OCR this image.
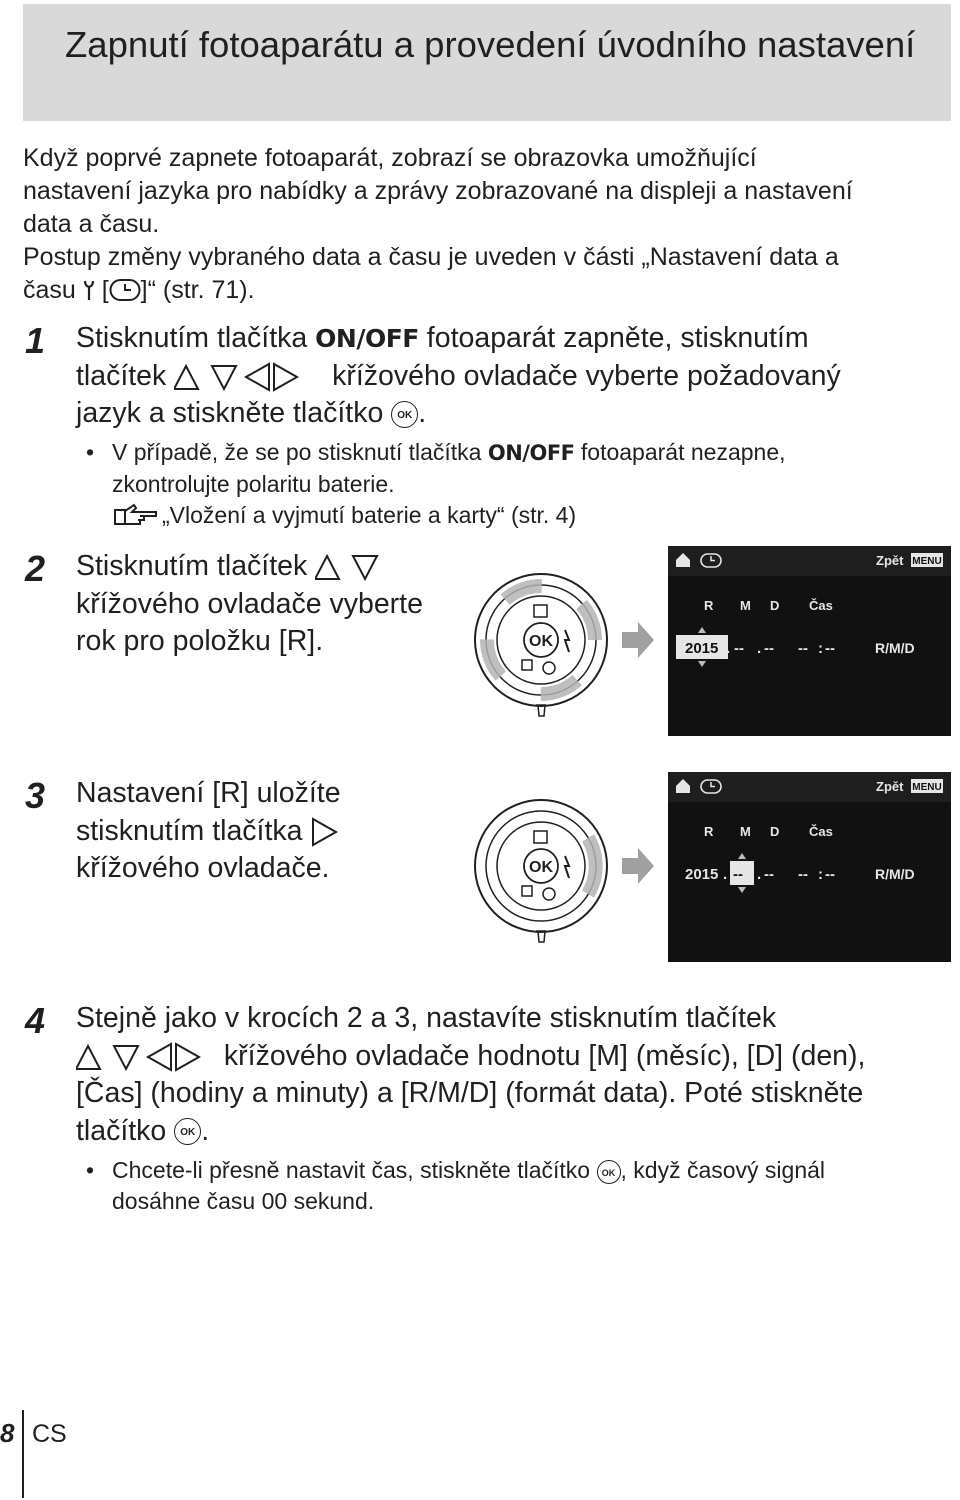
Zapnutí fotoaparátu a provedení úvodního nastavení
Když poprvé zapnete fotoaparát, zobrazí se obrazovka umožňující
nastavení jazyka pro nabídky a zprávy zobrazované na displeji a nastavení
data a času.
Postup změny vybraného data a času je uveden v části „Nastavení data a
času  [ ]“ (str. 71).
1 Stisknutím tlačítka ON/OFF fotoaparát zapněte, stisknutím
tlačítek	křížového ovladače vyberte požadovaný
jazyk a stiskněte tlačítko OK .
• V případě, že se po stisknutí tlačítka ON/OFF fotoaparát nezapne,
zkontrolujte polaritu baterie.
„Vložení a vyjmutí baterie a karty“ (str. 4)
2 Stisknutím tlačítek
křížového ovladače vyberte
rok pro položku [R].	OK
Zpět MENU
R M D Čas
2015 . -- . -- -- : --	R/M/D
3 Nastavení [R] uložíte
stisknutím tlačítka
křížového ovladače.	OK
Zpět MENU
R M D Čas
2015 . -- . -- -- : --	R/M/D
4 Stejně jako v krocích 2 a 3, nastavíte stisknutím tlačítek
křížového ovladače hodnotu [M] (měsíc), [D] (den),
[Čas] (hodiny a minuty) a [R/M/D] (formát data). Poté stiskněte
tlačítko OK .
• Chcete-li přesně nastavit čas, stiskněte tlačítko OK , když časový signál
dosáhne času 00 sekund.
8 CS
